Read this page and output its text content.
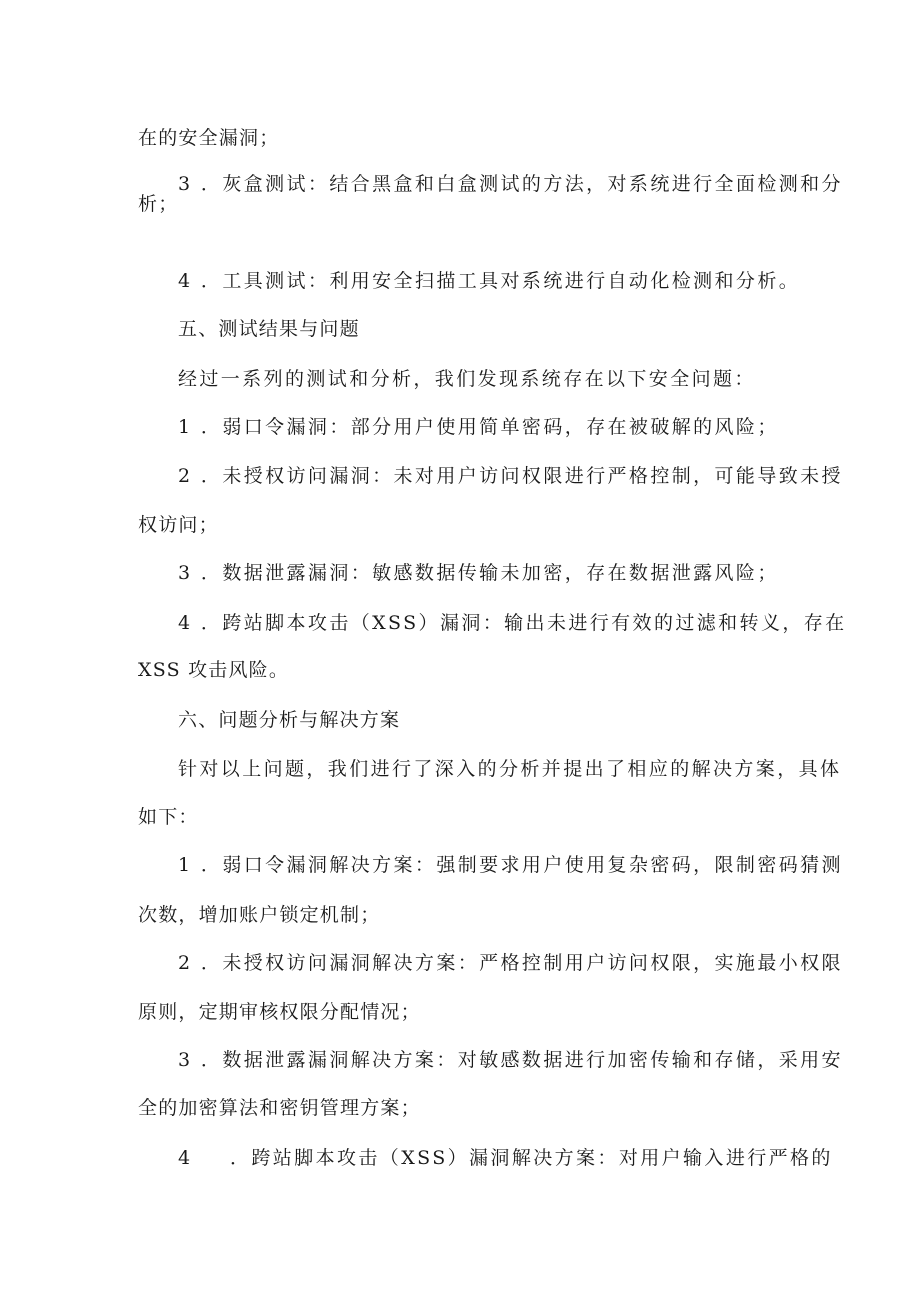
在的安全漏洞；
3 ．灰盒测试：结合黑盒和白盒测试的方法，对系统进行全面检测和分
析；
4 ．工具测试：利用安全扫描工具对系统进行自动化检测和分析。
五、测试结果与问题
经过一系列的测试和分析，我们发现系统存在以下安全问题：
1 ．弱口令漏洞：部分用户使用简单密码，存在被破解的风险；
2 ．未授权访问漏洞：未对用户访问权限进行严格控制，可能导致未授
权访问；
3 ．数据泄露漏洞：敏感数据传输未加密，存在数据泄露风险；
4 ．跨站脚本攻击（XSS）漏洞：输出未进行有效的过滤和转义，存在
XSS 攻击风险。
六、问题分析与解决方案
针对以上问题，我们进行了深入的分析并提出了相应的解决方案，具体
如下：
1 ．弱口令漏洞解决方案：强制要求用户使用复杂密码，限制密码猜测
次数，增加账户锁定机制；
2 ．未授权访问漏洞解决方案：严格控制用户访问权限，实施最小权限
原则，定期审核权限分配情况；
3 ．数据泄露漏洞解决方案：对敏感数据进行加密传输和存储，采用安
全的加密算法和密钥管理方案；
4 ．跨站脚本攻击（XSS）漏洞解决方案：对用户输入进行严格的
